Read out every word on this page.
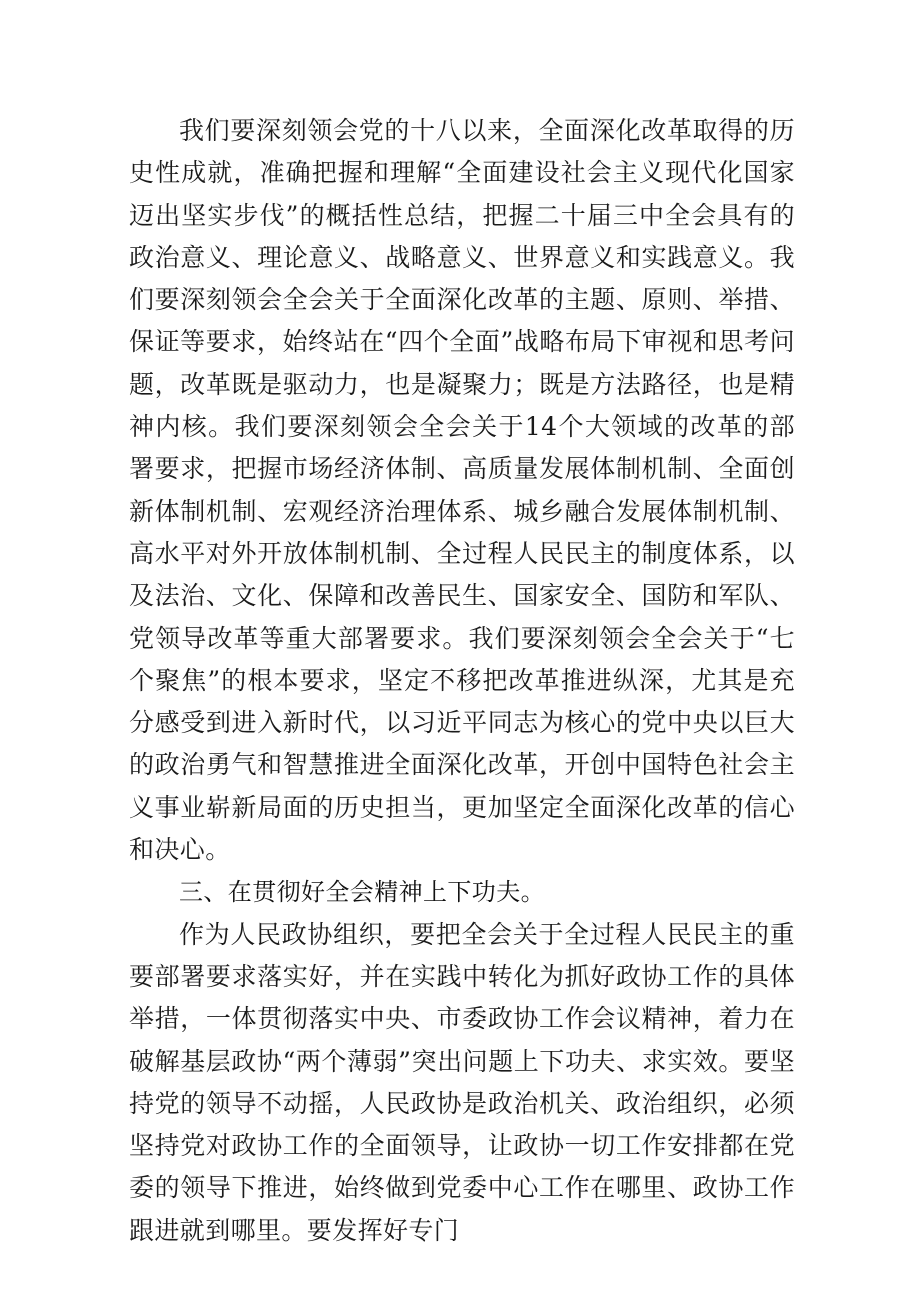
我们要深刻领会党的十八以来，全面深化改革取得的历史性成就，准确把握和理解“全面建设社会主义现代化国家迈出坚实步伐”的概括性总结，把握二十届三中全会具有的政治意义、理论意义、战略意义、世界意义和实践意义。我们要深刻领会全会关于全面深化改革的主题、原则、举措、保证等要求，始终站在“四个全面”战略布局下审视和思考问题，改革既是驱动力，也是凝聚力；既是方法路径，也是精神内核。我们要深刻领会全会关于14个大领域的改革的部署要求，把握市场经济体制、高质量发展体制机制、全面创新体制机制、宏观经济治理体系、城乡融合发展体制机制、高水平对外开放体制机制、全过程人民民主的制度体系，以及法治、文化、保障和改善民生、国家安全、国防和军队、党领导改革等重大部署要求。我们要深刻领会全会关于“七个聚焦”的根本要求，坚定不移把改革推进纵深，尤其是充分感受到进入新时代，以习近平同志为核心的党中央以巨大的政治勇气和智慧推进全面深化改革，开创中国特色社会主义事业崭新局面的历史担当，更加坚定全面深化改革的信心和决心。

三、在贯彻好全会精神上下功夫。

作为人民政协组织，要把全会关于全过程人民民主的重要部署要求落实好，并在实践中转化为抓好政协工作的具体举措，一体贯彻落实中央、市委政协工作会议精神，着力在破解基层政协“两个薄弱”突出问题上下功夫、求实效。要坚持党的领导不动摇，人民政协是政治机关、政治组织，必须坚持党对政协工作的全面领导，让政协一切工作安排都在党委的领导下推进，始终做到党委中心工作在哪里、政协工作跟进就到哪里。要发挥好专门
